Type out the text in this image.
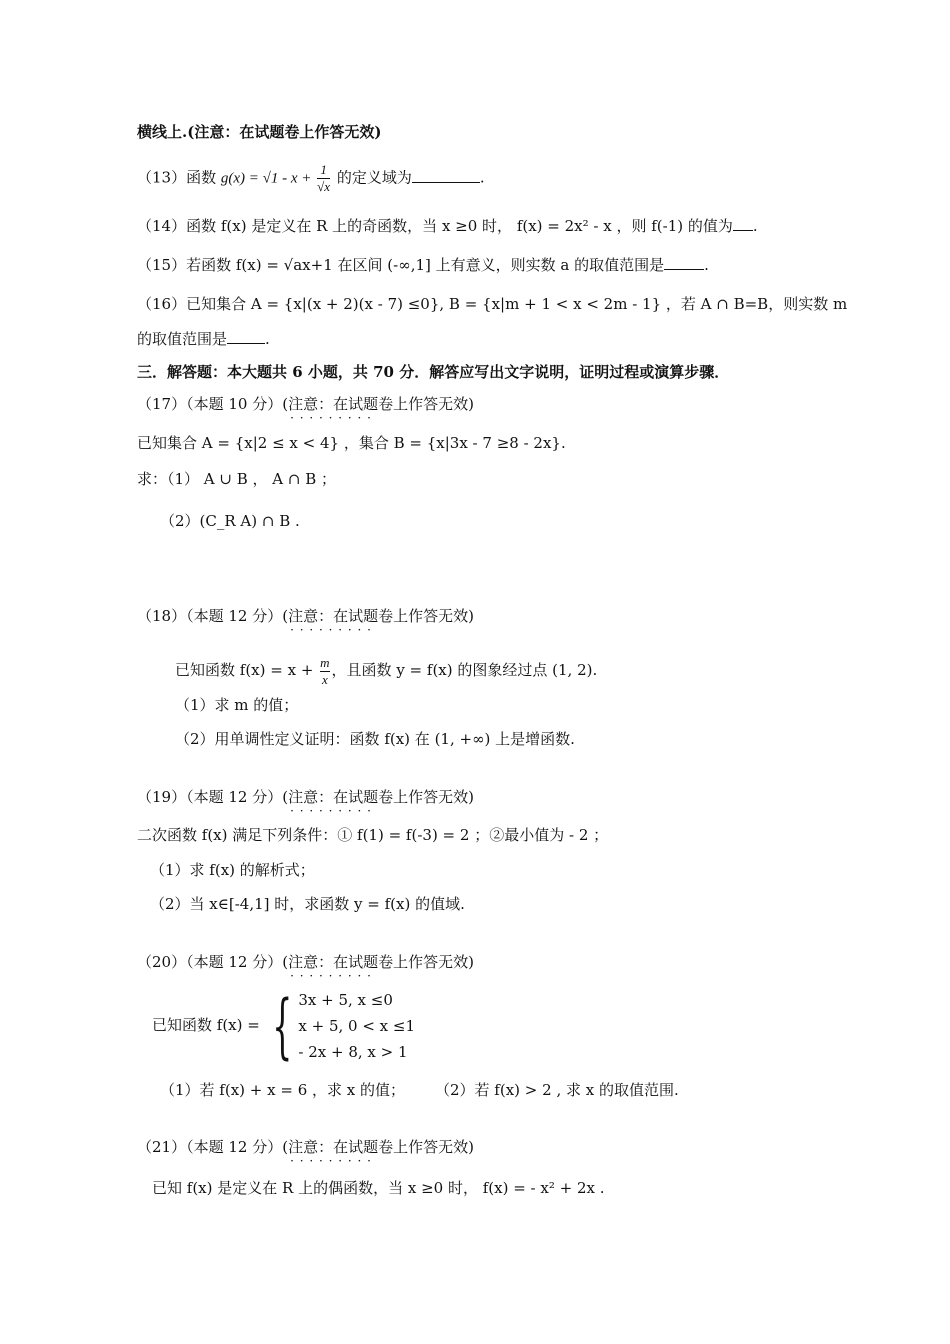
横线上.(注意：在试题卷上作答无效)
（13）函数 $g(x) = √1 - x + \frac{1}{√x}$ 的定义域为	.
（14）函数 f(x) 是定义在 R 上的奇函数，当 x ≥0 时， f(x) = 2x² - x ，则 f(-1) 的值为 .
（15）若函数 f(x) = √ax+1 在区间 (-∞,1] 上有意义，则实数 a 的取值范围是	.
（16）已知集合 A = {x|(x + 2)(x - 7) ≤0}, B = {x|m + 1 < x < 2m - 1} ，若 A ∩ B=B，则实数 m
的取值范围是	.
三．解答题：本大题共 6 小题，共 70 分．解答应写出文字说明，证明过程或演算步骤．
（17）（本题 10 分）(注意：在试题卷上作答无效 · · ·)
已知集合 A = {x|2 ≤ x < 4} ，集合 B = {x|3x - 7 ≥8 - 2x}.
求：（1） A ∪ B ， A ∩ B ；
（2）(C_R A) ∩ B .
（18）（本题 12 分）(注意：在试题卷上作答无效 · · ·)
已知函数 $f(x) = x + \frac{m}{x}$ ，且函数 y = f(x) 的图象经过点 (1, 2).
（1）求 m 的值；
（2）用单调性定义证明：函数 f(x) 在 (1, +∞) 上是增函数.
（19）（本题 12 分）(注意：在试题卷上作答无效 · · ·)
二次函数 f(x) 满足下列条件：① f(1) = f(-3) = 2 ；②最小值为 - 2 ；
（1）求 f(x) 的解析式；
（2）当 x∈[-4,1] 时，求函数 y = f(x) 的值域.
（20）（本题 12 分）(注意：在试题卷上作答无效 · · ·)
已知函数 f(x) = { 3x + 5, x ≤0
x + 5, 0 < x ≤1
- 2x + 8, x > 1
（1）若 f(x) + x = 6 ，求 x 的值； （2）若 f(x) > 2 , 求 x 的取值范围.
（21）（本题 12 分）(注意：在试题卷上作答无效 · · ·)
已知 f(x) 是定义在 R 上的偶函数，当 x ≥0 时， f(x) = - x² + 2x .
